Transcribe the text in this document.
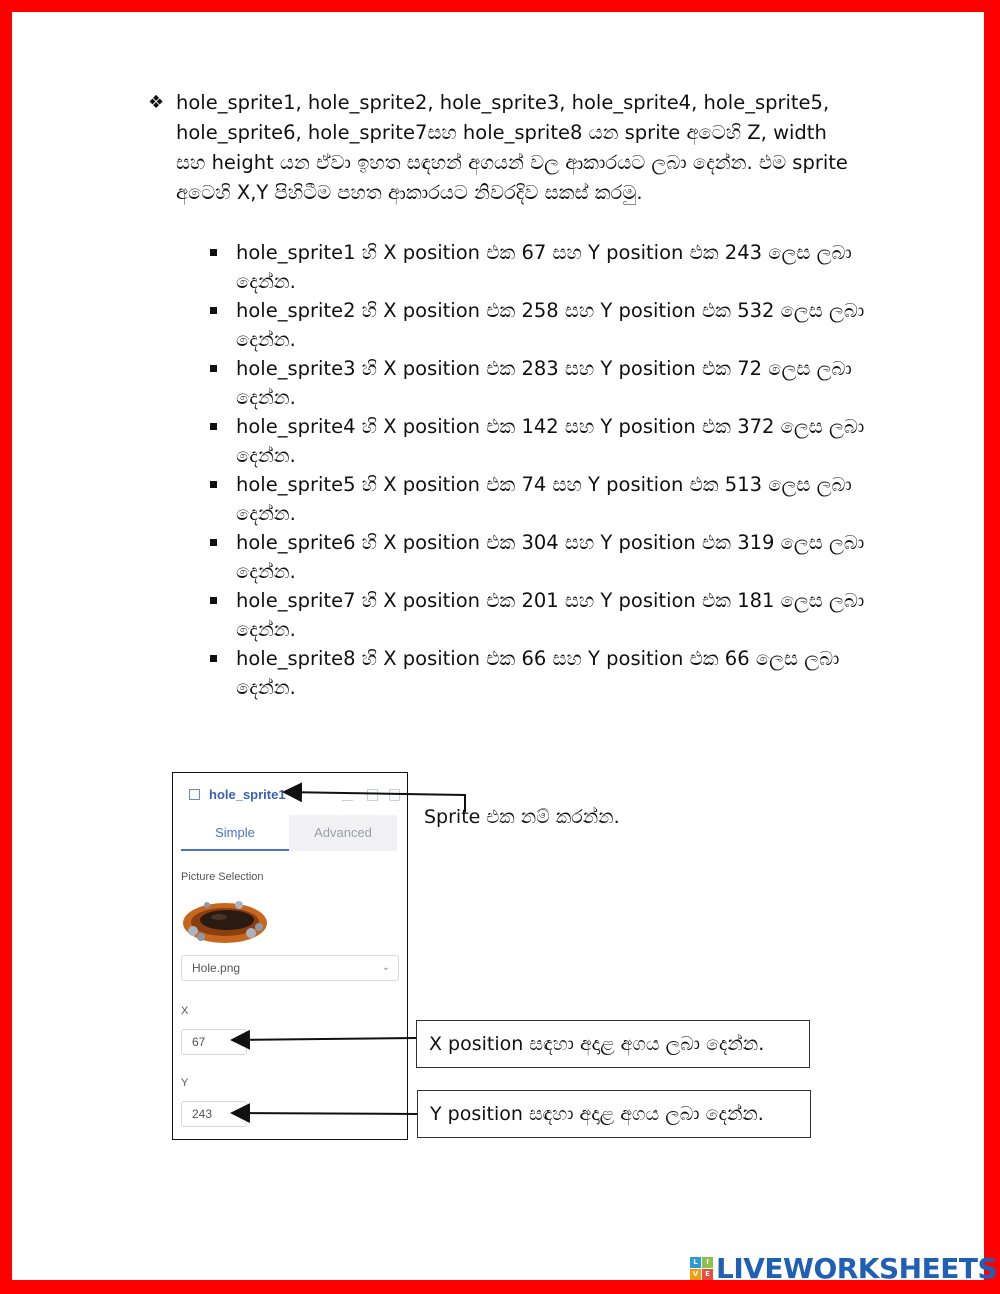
❖ hole_sprite1, hole_sprite2, hole_sprite3, hole_sprite4, hole_sprite5, hole_sprite6, hole_sprite7සහ hole_sprite8 යන sprite අටෙහි Z, width සහ height යන ඒවා ඉහත සඳහන් අගයන් වල ආකාරයට ලබා දෙන්න. එම sprite අටෙහි X,Y පිහිටීම පහත ආකාරයට නිවරදිව සකස් කරමු.
hole_sprite1 හි X position එක 67 සහ Y position එක 243 ලෙස ලබා දෙන්න.
hole_sprite2 හි X position එක 258 සහ Y position එක 532 ලෙස ලබා දෙන්න.
hole_sprite3 හි X position එක 283 සහ Y position එක 72 ලෙස ලබා දෙන්න.
hole_sprite4 හි X position එක 142 සහ Y position එක 372 ලෙස ලබා දෙන්න.
hole_sprite5 හි X position එක 74 සහ Y position එක 513 ලෙස ලබා දෙන්න.
hole_sprite6 හි X position එක 304 සහ Y position එක 319 ලෙස ලබා දෙන්න.
hole_sprite7 හි X position එක 201 සහ Y position එක 181 ලෙස ලබා දෙන්න.
hole_sprite8 හි X position එක 66 සහ Y position එක 66 ලෙස ලබා දෙන්න.
hole_sprite1
Simple	Advanced
Picture Selection
Hole.png	⌄
X
67
Y
243
Sprite එක නම් කරන්න.
X position සඳහා අදාළ අගය ලබා දෙන්න.
Y position සඳහා අදාළ අගය ලබා දෙන්න.
L	I
V E LIVEWORKSHEETS
